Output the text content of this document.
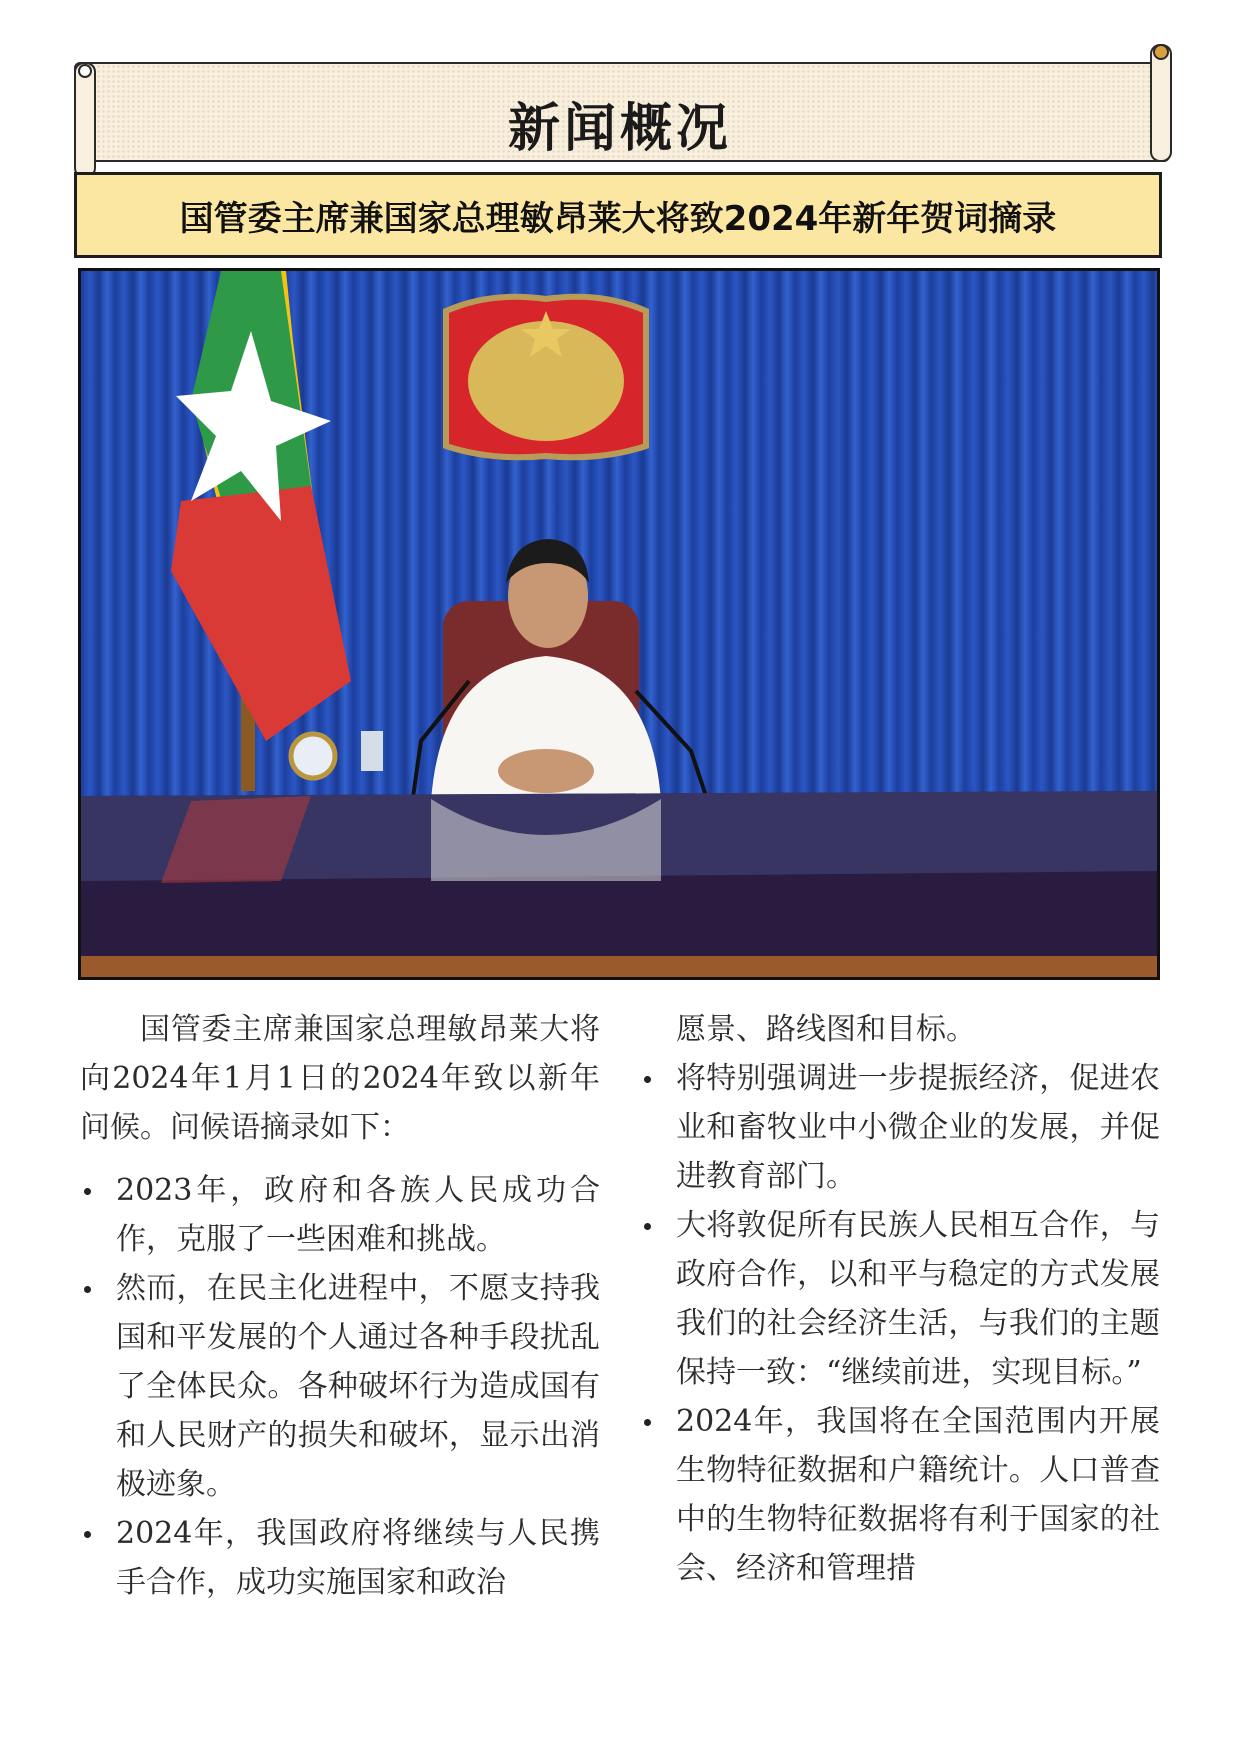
新闻概况
国管委主席兼国家总理敏昂莱大将致2024年新年贺词摘录

国管委主席兼国家总理敏昂莱大将向2024年1月1日的2024年致以新年问候。问候语摘录如下：

2023年，政府和各族人民成功合作，克服了一些困难和挑战。
然而，在民主化进程中，不愿支持我国和平发展的个人通过各种手段扰乱了全体民众。各种破坏行为造成国有和人民财产的损失和破坏，显示出消极迹象。
2024年，我国政府将继续与人民携手合作，成功实施国家和政治

愿景、路线图和目标。

将特别强调进一步提振经济，促进农业和畜牧业中小微企业的发展，并促进教育部门。
大将敦促所有民族人民相互合作，与政府合作，以和平与稳定的方式发展我们的社会经济生活，与我们的主题保持一致：“继续前进，实现目标。”
2024年，我国将在全国范围内开展生物特征数据和户籍统计。人口普查中的生物特征数据将有利于国家的社会、经济和管理措
